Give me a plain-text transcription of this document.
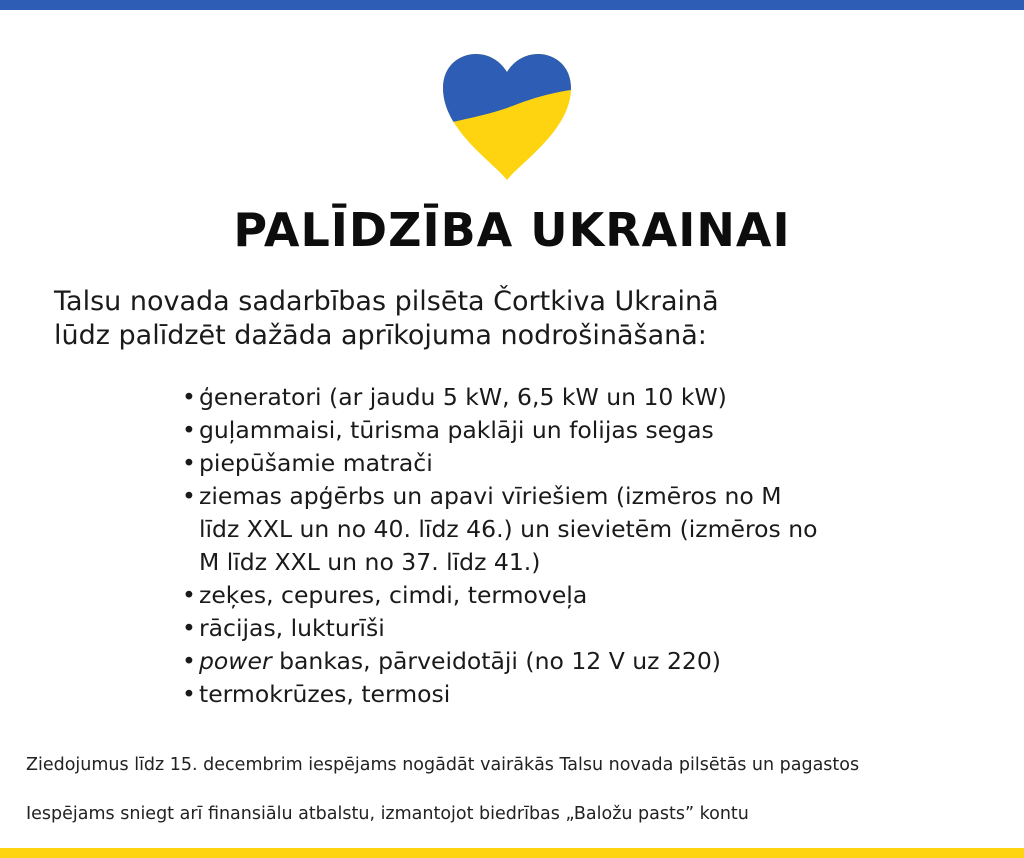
PALĪDZĪBA UKRAINAI
Talsu novada sadarbības pilsēta Čortkiva Ukrainā
lūdz palīdzēt dažāda aprīkojuma nodrošināšanā:
• ģeneratori (ar jaudu 5 kW, 6,5 kW un 10 kW)
• guļammaisi, tūrisma paklāji un folijas segas
• piepūšamie matrači
• ziemas apģērbs un apavi vīriešiem (izmēros no M
līdz XXL un no 40. līdz 46.) un sievietēm (izmēros no
M līdz XXL un no 37. līdz 41.)
• zeķes, cepures, cimdi, termoveļa
• rācijas, lukturīši
• power bankas, pārveidotāji (no 12 V uz 220)
• termokrūzes, termosi
Ziedojumus līdz 15. decembrim iespējams nogādāt vairākās Talsu novada pilsētās un pagastos
Iespējams sniegt arī finansiālu atbalstu, izmantojot biedrības „Baložu pasts” kontu
